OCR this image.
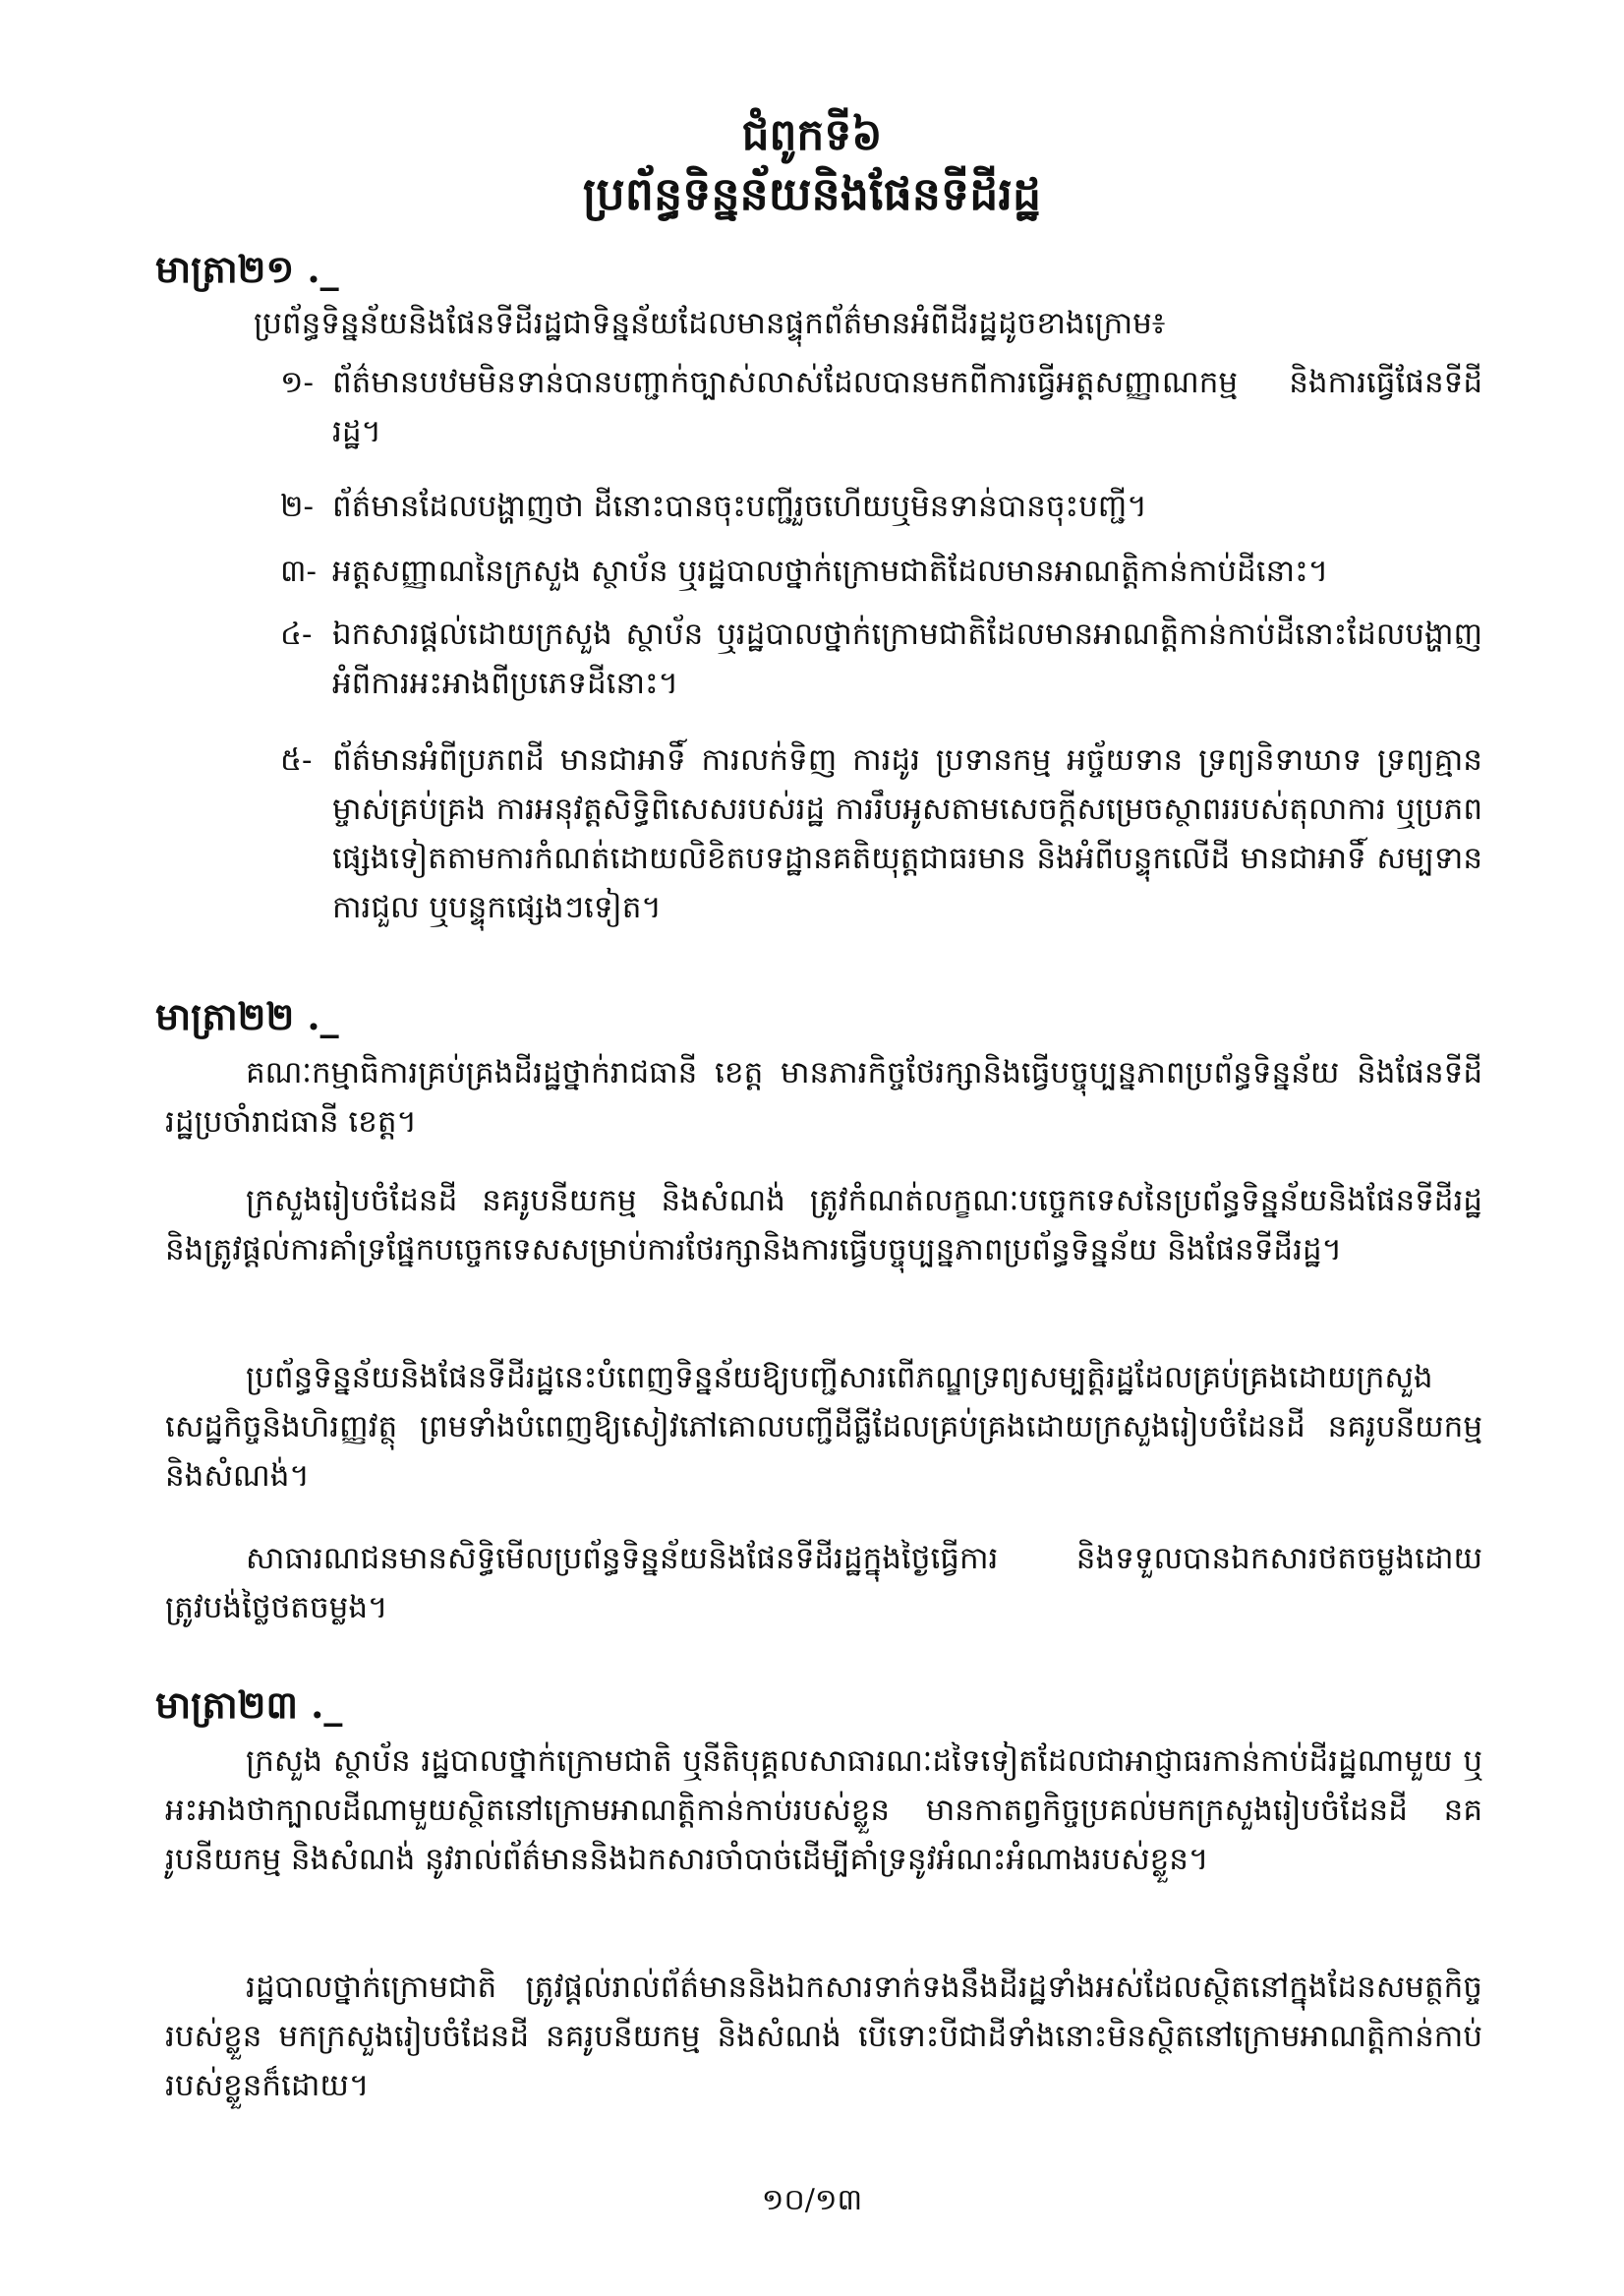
ជំពូកទី៦
ប្រព័ន្ធទិន្នន័យនិងផែនទីដីរដ្ឋ
មាត្រា២១ ._

ប្រព័ន្ធទិន្នន័យនិងផែនទីដីរដ្ឋជាទិន្នន័យដែលមានផ្ទុកព័ត៌មានអំពីដីរដ្ឋដូចខាងក្រោម៖

១- ព័ត៌មានបឋមមិនទាន់បានបញ្ជាក់ច្បាស់លាស់ដែលបានមកពីការធ្វើអត្តសញ្ញាណកម្ម និងការធ្វើផែនទីដីរដ្ឋ។

២- ព័ត៌មានដែលបង្ហាញថា ដីនោះបានចុះបញ្ជីរួចហើយឬមិនទាន់បានចុះបញ្ជី។

៣- អត្តសញ្ញាណនៃក្រសួង ស្ថាប័ន ឬរដ្ឋបាលថ្នាក់ក្រោមជាតិដែលមានអាណត្តិកាន់កាប់ដីនោះ។

៤- ឯកសារផ្តល់ដោយក្រសួង ស្ថាប័ន ឬរដ្ឋបាលថ្នាក់ក្រោមជាតិដែលមានអាណត្តិកាន់កាប់ដីនោះដែលបង្ហាញអំពីការអះអាងពីប្រភេទដីនោះ។

៥- ព័ត៌មានអំពីប្រភពដី មានជាអាទិ៍ ការលក់ទិញ ការដូរ ប្រទានកម្ម អច្ច័យទាន ទ្រព្យនិទាឃាទ ទ្រព្យគ្មានម្ចាស់គ្រប់គ្រង ការអនុវត្តសិទ្ធិពិសេសរបស់រដ្ឋ ការរឹបអូសតាមសេចក្តីសម្រេចស្ថាពររបស់តុលាការ ឬប្រភពផ្សេងទៀតតាមការកំណត់ដោយលិខិតបទដ្ឋានគតិយុត្តជាធរមាន និងអំពីបន្ទុកលើដី មានជាអាទិ៍ សម្បទាន ការជួល ឬបន្ទុកផ្សេងៗទៀត។

មាត្រា២២ ._

គណៈកម្មាធិការគ្រប់គ្រងដីរដ្ឋថ្នាក់រាជធានី ខេត្ត មានភារកិច្ចថែរក្សានិងធ្វើបច្ចុប្បន្នភាពប្រព័ន្ធទិន្នន័យ និងផែនទីដីរដ្ឋប្រចាំរាជធានី ខេត្ត។

ក្រសួងរៀបចំដែនដី នគរូបនីយកម្ម និងសំណង់ ត្រូវកំណត់លក្ខណៈបច្ចេកទេសនៃប្រព័ន្ធទិន្នន័យនិងផែនទីដីរដ្ឋ និងត្រូវផ្តល់ការគាំទ្រផ្នែកបច្ចេកទេសសម្រាប់ការថែរក្សានិងការធ្វើបច្ចុប្បន្នភាពប្រព័ន្ធទិន្នន័យ និងផែនទីដីរដ្ឋ។

ប្រព័ន្ធទិន្នន័យនិងផែនទីដីរដ្ឋនេះបំពេញទិន្នន័យឱ្យបញ្ជីសារពើភណ្ឌទ្រព្យសម្បត្តិរដ្ឋដែលគ្រប់គ្រងដោយក្រសួងសេដ្ឋកិច្ចនិងហិរញ្ញវត្ថុ ព្រមទាំងបំពេញឱ្យសៀវភៅគោលបញ្ជីដីធ្លីដែលគ្រប់គ្រងដោយក្រសួងរៀបចំដែនដី នគរូបនីយកម្ម និងសំណង់។

សាធារណជនមានសិទ្ធិមើលប្រព័ន្ធទិន្នន័យនិងផែនទីដីរដ្ឋក្នុងថ្ងៃធ្វើការ និងទទួលបានឯកសារថតចម្លងដោយត្រូវបង់ថ្លៃថតចម្លង។

មាត្រា២៣ ._

ក្រសួង ស្ថាប័ន រដ្ឋបាលថ្នាក់ក្រោមជាតិ ឬនីតិបុគ្គលសាធារណៈដទៃទៀតដែលជាអាជ្ញាធរកាន់កាប់ដីរដ្ឋណាមួយ ឬអះអាងថាក្បាលដីណាមួយស្ថិតនៅក្រោមអាណត្តិកាន់កាប់របស់ខ្លួន មានកាតព្វកិច្ចប្រគល់មកក្រសួងរៀបចំដែនដី នគរូបនីយកម្ម និងសំណង់ នូវរាល់ព័ត៌មាននិងឯកសារចាំបាច់ដើម្បីគាំទ្រនូវអំណះអំណាងរបស់ខ្លួន។

រដ្ឋបាលថ្នាក់ក្រោមជាតិ ត្រូវផ្តល់រាល់ព័ត៌មាននិងឯកសារទាក់ទងនឹងដីរដ្ឋទាំងអស់ដែលស្ថិតនៅក្នុងដែនសមត្ថកិច្ចរបស់ខ្លួន មកក្រសួងរៀបចំដែនដី នគរូបនីយកម្ម និងសំណង់ បើទោះបីជាដីទាំងនោះមិនស្ថិតនៅក្រោមអាណត្តិកាន់កាប់របស់ខ្លួនក៏ដោយ។

១០/១៣
